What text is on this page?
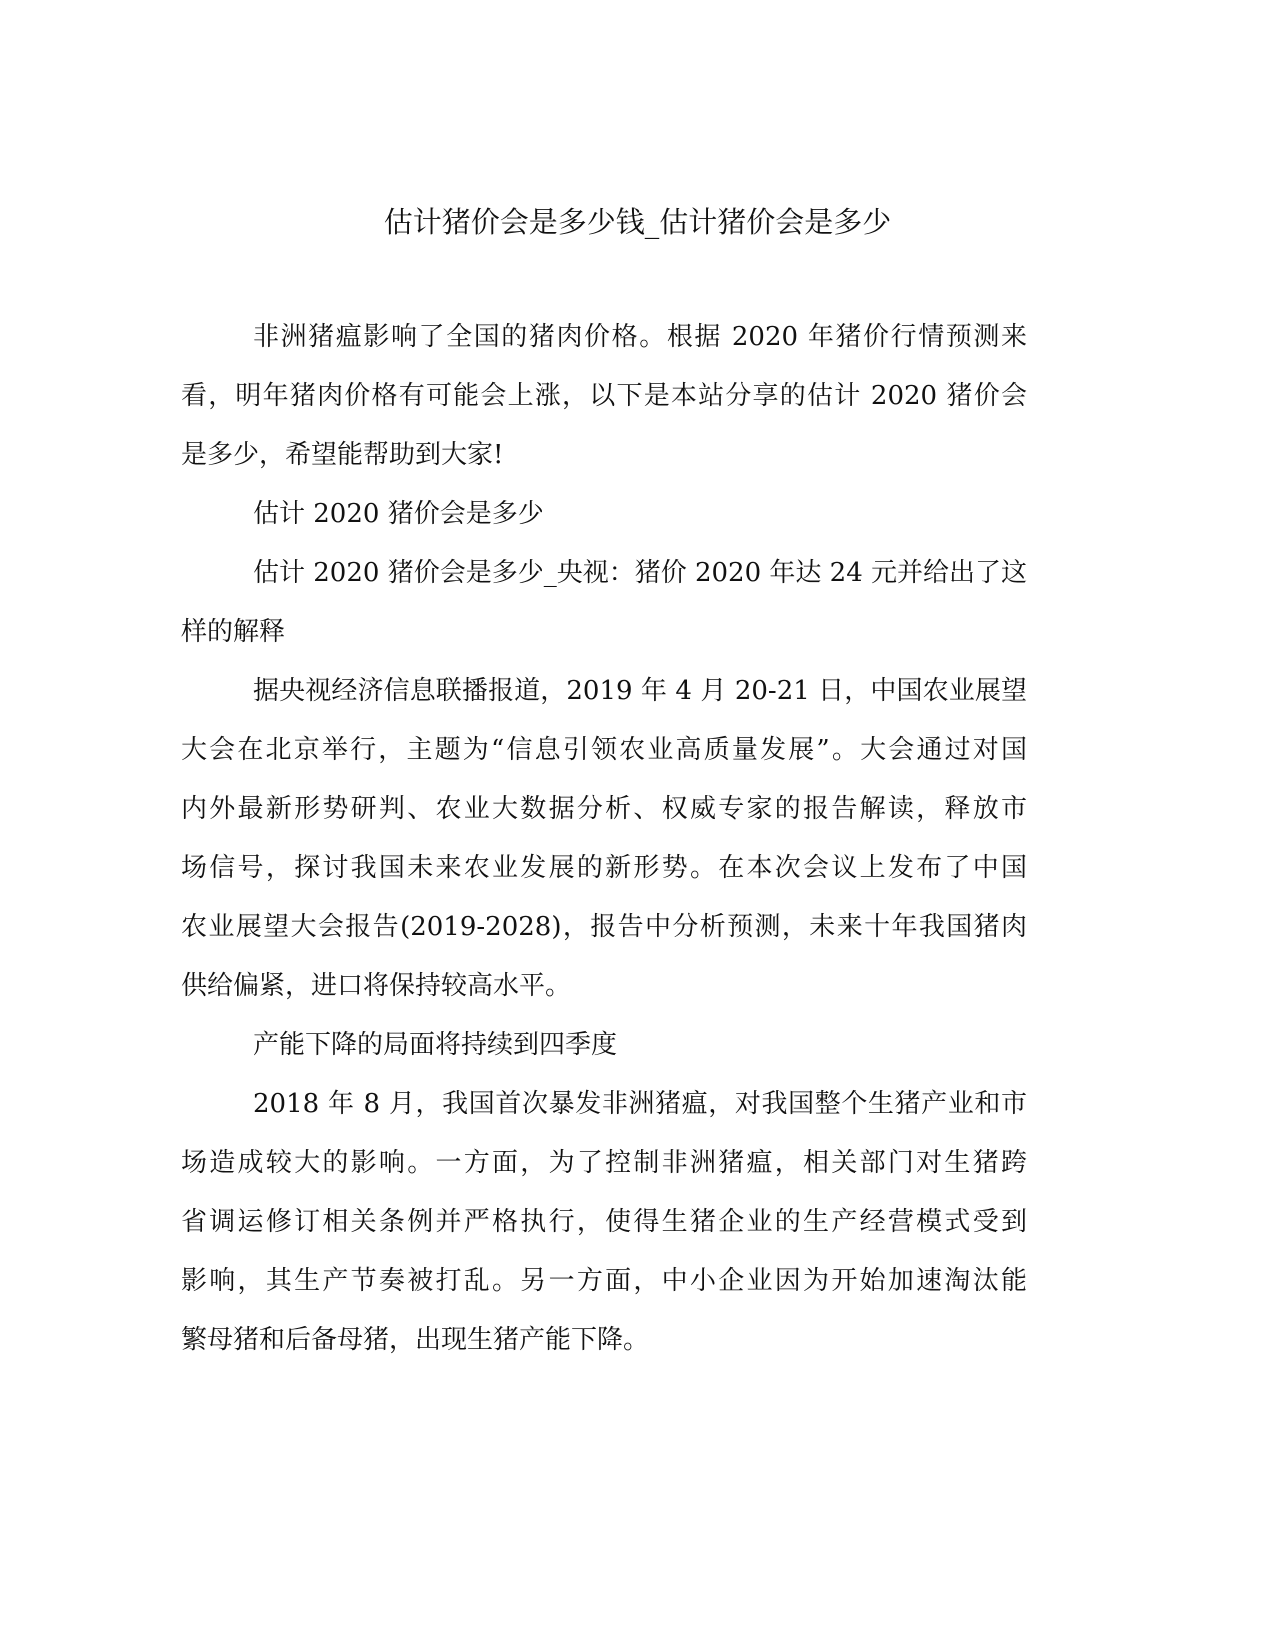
估计猪价会是多少钱_估计猪价会是多少
非洲猪瘟影响了全国的猪肉价格。根据 2020 年猪价行情预测来
看，明年猪肉价格有可能会上涨，以下是本站分享的估计 2020 猪价会
是多少，希望能帮助到大家!
估计 2020 猪价会是多少
估计 2020 猪价会是多少_央视：猪价 2020 年达 24 元并给出了这
样的解释
据央视经济信息联播报道，2019 年 4 月 20-21 日，中国农业展望
大会在北京举行，主题为“信息引领农业高质量发展”。大会通过对国
内外最新形势研判、农业大数据分析、权威专家的报告解读，释放市
场信号，探讨我国未来农业发展的新形势。在本次会议上发布了中国
农业展望大会报告(2019-2028)，报告中分析预测，未来十年我国猪肉
供给偏紧，进口将保持较高水平。
产能下降的局面将持续到四季度
2018 年 8 月，我国首次暴发非洲猪瘟，对我国整个生猪产业和市
场造成较大的影响。一方面，为了控制非洲猪瘟，相关部门对生猪跨
省调运修订相关条例并严格执行，使得生猪企业的生产经营模式受到
影响，其生产节奏被打乱。另一方面，中小企业因为开始加速淘汰能
繁母猪和后备母猪，出现生猪产能下降。
